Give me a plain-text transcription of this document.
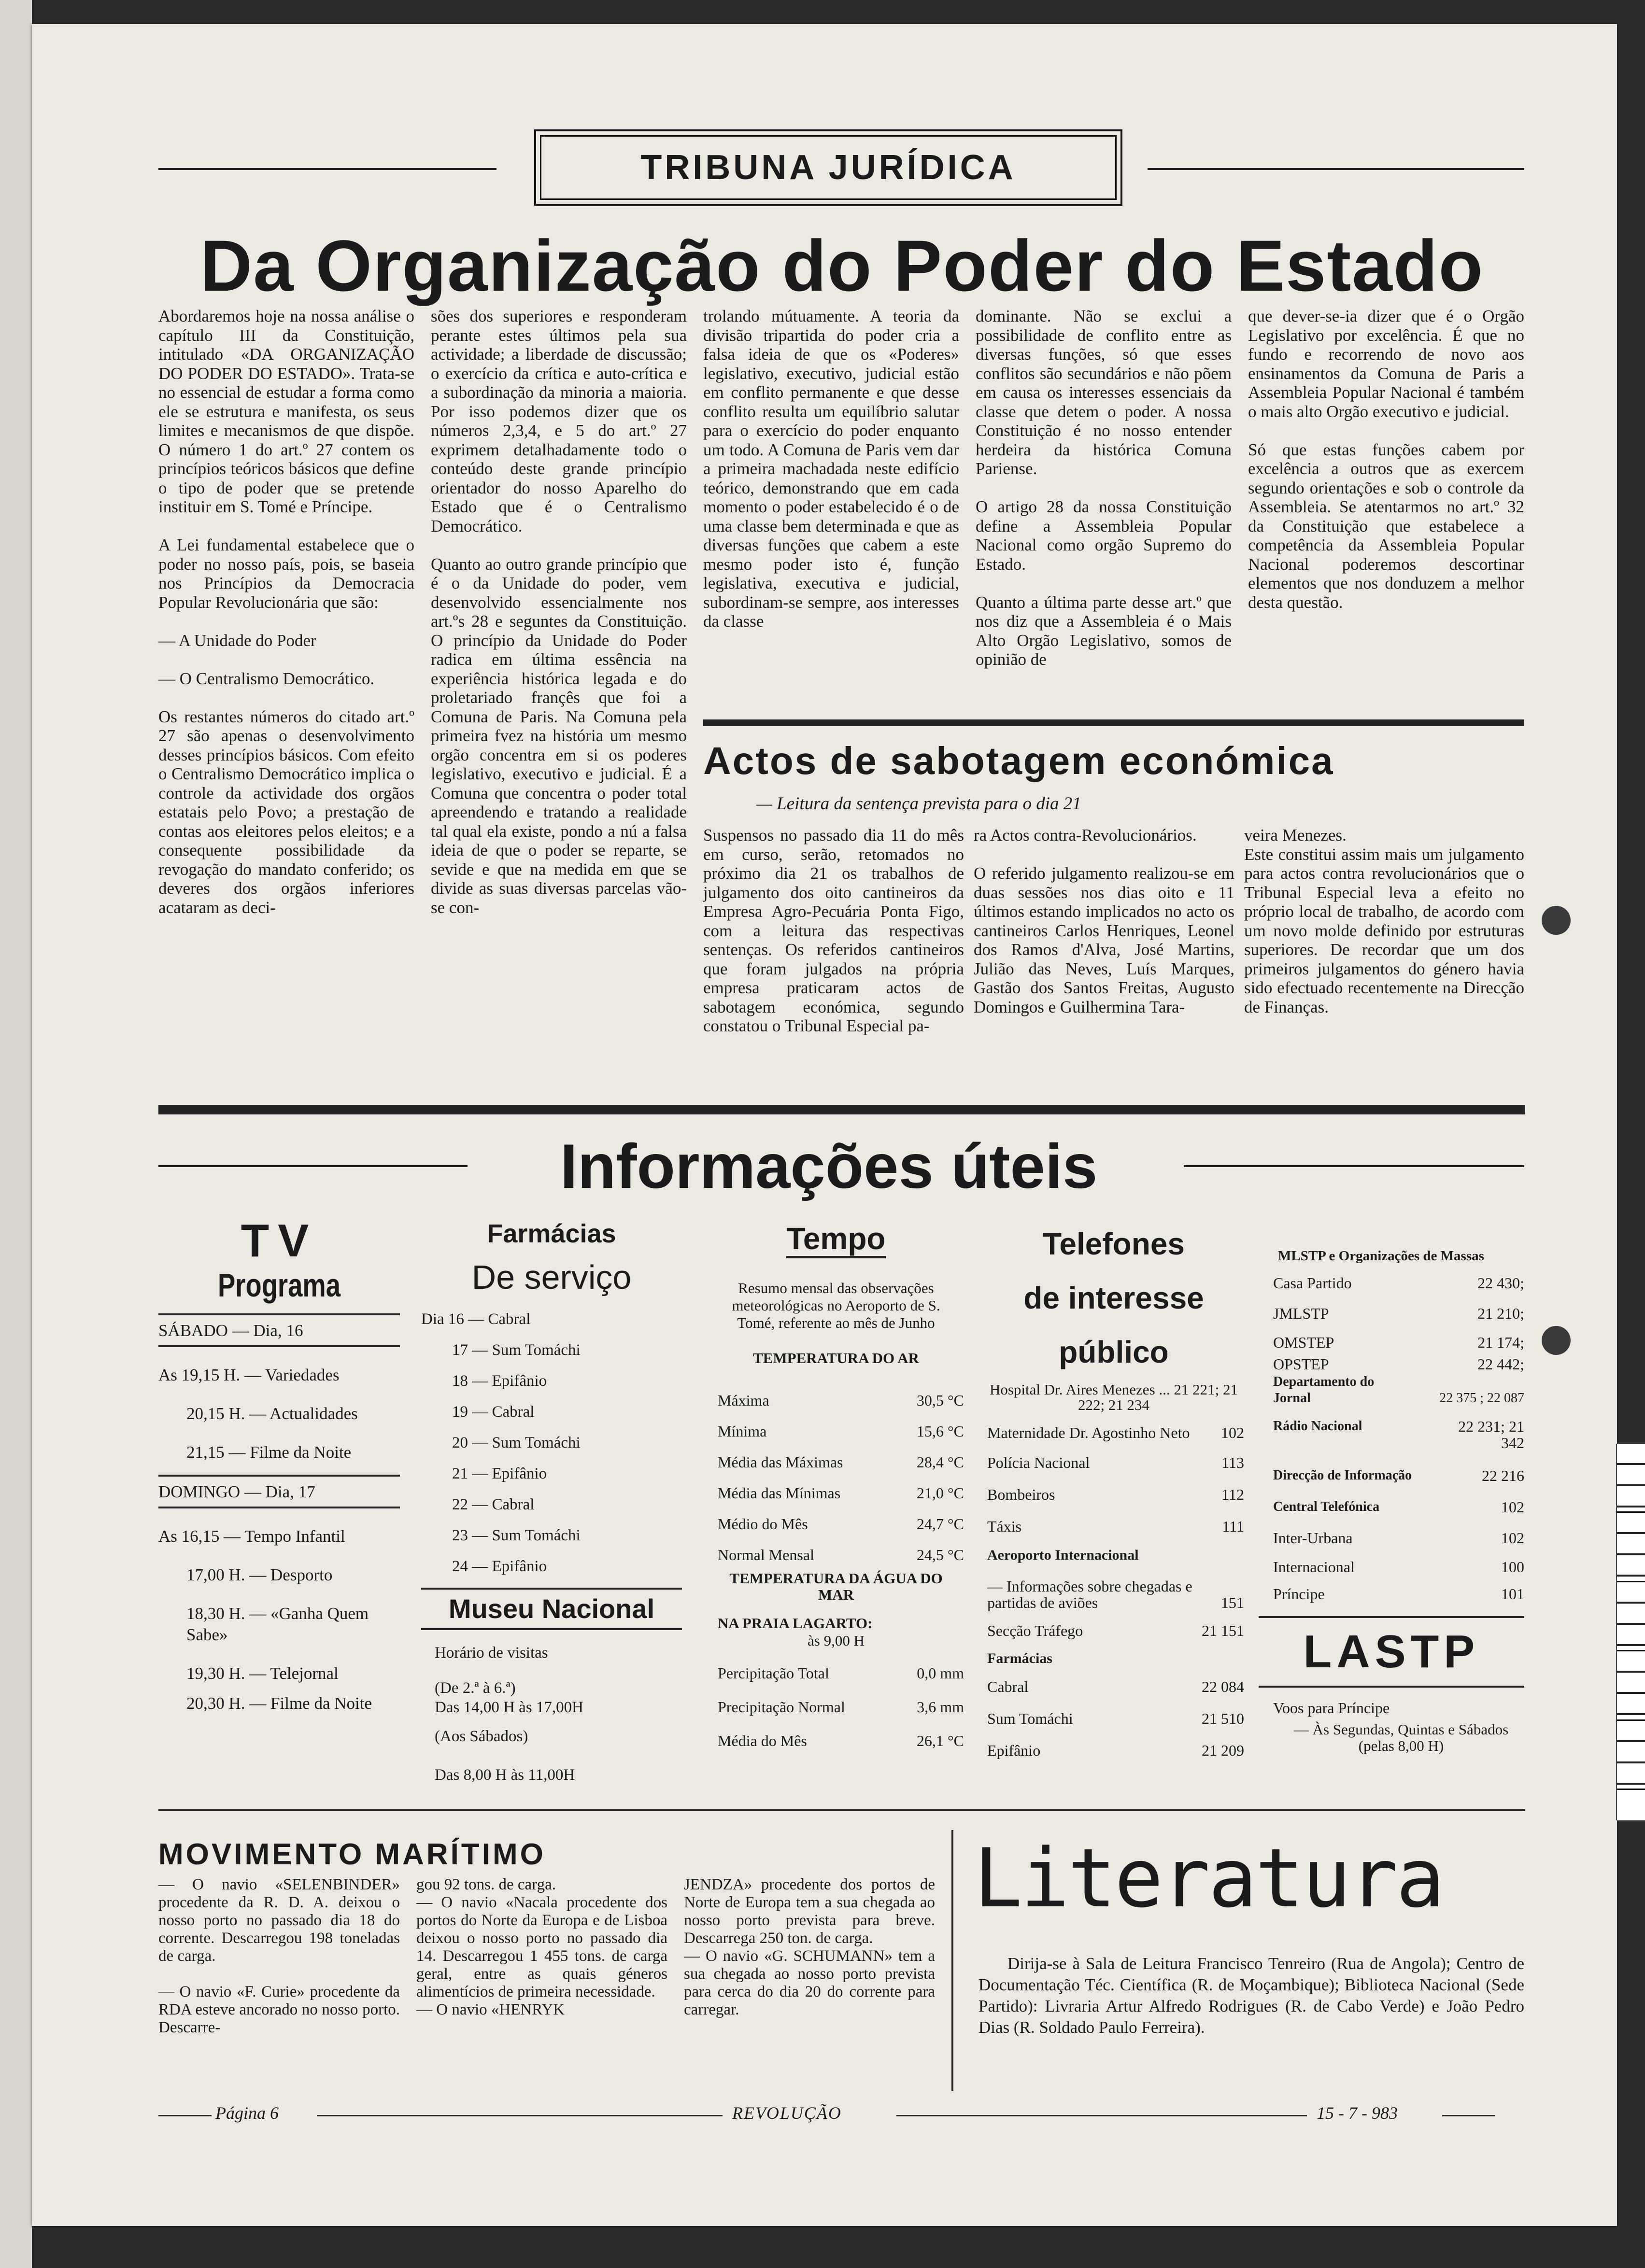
TRIBUNA JURÍDICA
Da Organização do Poder do Estado
Abordaremos hoje na nossa análise o capítulo III da Constituição, intitulado «DA ORGANIZAÇÃO DO PODER DO ESTADO». Trata-se no essencial de estudar a forma como ele se estrutura e manifesta, os seus limites e mecanismos de que dispõe. O número 1 do art.º 27 contem os princípios teóricos básicos que define o tipo de poder que se pretende instituir em S. Tomé e Príncipe.

A Lei fundamental estabelece que o poder no nosso país, pois, se baseia nos Princípios da Democracia Popular Revolucionária que são:

— A Unidade do Poder

— O Centralismo Democrático.

Os restantes números do citado art.º 27 são apenas o desenvolvimento desses princípios básicos. Com efeito o Centralismo Democrático implica o controle da actividade dos orgãos estatais pelo Povo; a prestação de contas aos eleitores pelos eleitos; e a consequente possibilidade da revogação do mandato conferido; os deveres dos orgãos inferiores acataram as deci-
sões dos superiores e responderam perante estes últimos pela sua actividade; a liberdade de discussão; o exercício da crítica e auto-crítica e a subordinação da minoria a maioria. Por isso podemos dizer que os números 2,3,4, e 5 do art.º 27 exprimem detalhadamente todo o conteúdo deste grande princípio orientador do nosso Aparelho do Estado que é o Centralismo Democrático.

Quanto ao outro grande princípio que é o da Unidade do poder, vem desenvolvido essencialmente nos art.ºs 28 e seguntes da Constituição. O princípio da Unidade do Poder radica em última essência na experiência histórica legada e do proletariado françês que foi a Comuna de Paris. Na Comuna pela primeira fvez na história um mesmo orgão concentra em si os poderes legislativo, executivo e judicial. É a Comuna que concentra o poder total apreendendo e tratando a realidade tal qual ela existe, pondo a nú a falsa ideia de que o poder se reparte, se sevide e que na medida em que se divide as suas diversas parcelas vão-se con-
trolando mútuamente. A teoria da divisão tripartida do poder cria a falsa ideia de que os «Poderes» legislativo, executivo, judicial estão em conflito permanente e que desse conflito resulta um equilíbrio salutar para o exercício do poder enquanto um todo. A Comuna de Paris vem dar a primeira machadada neste edifício teórico, demonstrando que em cada momento o poder estabelecido é o de uma classe bem determinada e que as diversas funções que cabem a este mesmo poder isto é, função legislativa, executiva e judicial, subordinam-se sempre, aos interesses da classe
dominante. Não se exclui a possibilidade de conflito entre as diversas funções, só que esses conflitos são secundários e não põem em causa os interesses essenciais da classe que detem o poder. A nossa Constituição é no nosso entender herdeira da histórica Comuna Pariense.

O artigo 28 da nossa Constituição define a Assembleia Popular Nacional como orgão Supremo do Estado.

Quanto a última parte desse art.º que nos diz que a Assembleia é o Mais Alto Orgão Legislativo, somos de opinião de
que dever-se-ia dizer que é o Orgão Legislativo por excelência. É que no fundo e recorrendo de novo aos ensinamentos da Comuna de Paris a Assembleia Popular Nacional é também o mais alto Orgão executivo e judicial.

Só que estas funções cabem por excelência a outros que as exercem segundo orientações e sob o controle da Assembleia. Se atentarmos no art.º 32 da Constituição que estabelece a competência da Assembleia Popular Nacional poderemos descortinar elementos que nos donduzem a melhor desta questão.
Actos de sabotagem económica
— Leitura da sentença prevista para o dia 21
Suspensos no passado dia 11 do mês em curso, serão, retomados no próximo dia 21 os trabalhos de julgamento dos oito cantineiros da Empresa Agro-Pecuária Ponta Figo, com a leitura das respectivas sentenças. Os referidos cantineiros que foram julgados na própria empresa praticaram actos de sabotagem económica, segundo constatou o Tribunal Especial pa-
ra Actos contra-Revolucionários.

O referido julgamento realizou-se em duas sessões nos dias oito e 11 últimos estando implicados no acto os cantineiros Carlos Henriques, Leonel dos Ramos d'Alva, José Martins, Julião das Neves, Luís Marques, Gastão dos Santos Freitas, Augusto Domingos e Guilhermina Tara-
veira Menezes.
Este constitui assim mais um julgamento para actos contra revolucionários que o Tribunal Especial leva a efeito no próprio local de trabalho, de acordo com um novo molde definido por estruturas superiores. De recordar que um dos primeiros julgamentos do género havia sido efectuado recentemente na Direcção de Finanças.
Informações úteis
TV
Programa
SÁBADO — Dia, 16
As 19,15 H. — Variedades
20,15 H. — Actualidades
21,15 — Filme da Noite
DOMINGO — Dia, 17
As 16,15 — Tempo Infantil
17,00 H. — Desporto
18,30 H. — «Ganha Quem Sabe»
19,30 H. — Telejornal
20,30 H. — Filme da Noite
Farmácias
De serviço
Dia 16 — Cabral
17 — Sum Tomáchi
18 — Epifânio
19 — Cabral
20 — Sum Tomáchi
21 — Epifânio
22 — Cabral
23 — Sum Tomáchi
24 — Epifânio
Museu Nacional
Horário de visitas
(De 2.ª à 6.ª)
Das 14,00 H às 17,00H
(Aos Sábados)
Das 8,00 H às 11,00H
Tempo
Resumo mensal das observações meteorológicas no Aeroporto de S. Tomé, referente ao mês de Junho
TEMPERATURA DO AR
Máxima	30,5 °C
Mínima	15,6 °C
Média das Máximas	28,4 °C
Média das Mínimas	21,0 °C
Médio do Mês	24,7 °C
Normal Mensal	24,5 °C
TEMPERATURA DA ÁGUA DO MAR
NA PRAIA LAGARTO:
às 9,00 H
Percipitação Total	0,0 mm
Precipitação Normal	3,6 mm
Média do Mês	26,1 °C
Telefones
de interesse
público
Hospital Dr. Aires Menezes ... 21 221; 21 222; 21 234
Maternidade Dr. Agostinho Neto	102
Polícia Nacional	113
Bombeiros	112
Táxis	111
Aeroporto Internacional
— Informações sobre chegadas e partidas de aviões	151
Secção Tráfego	21 151
Farmácias
Cabral	22 084
Sum Tomáchi	21 510
Epifânio	21 209
MLSTP e Organizações de Massas
Casa Partido	22 430;
JMLSTP	21 210;
OMSTEP	21 174;
OPSTEP	22 442;
Departamento do Jornal	22 375 ; 22 087
Rádio Nacional	22 231; 21 342
Direcção de Informação	22 216
Central Telefónica	102
Inter-Urbana	102
Internacional	100
Príncipe	101
LASTP
Voos para Príncipe
— Às Segundas, Quintas e Sábados (pelas 8,00 H)
MOVIMENTO MARÍTIMO
— O navio «SELENBINDER» procedente da R. D. A. deixou o nosso porto no passado dia 18 do corrente. Descarregou 198 toneladas de carga.

— O navio «F. Curie» procedente da RDA esteve ancorado no nosso porto. Descarre-
gou 92 tons. de carga.
— O navio «Nacala procedente dos portos do Norte da Europa e de Lisboa deixou o nosso porto no passado dia 14. Descarregou 1 455 tons. de carga geral, entre as quais géneros alimentícios de primeira necessidade.
— O navio «HENRYK
JENDZA» procedente dos portos de Norte de Europa tem a sua chegada ao nosso porto prevista para breve. Descarrega 250 ton. de carga.
— O navio «G. SCHUMANN» tem a sua chegada ao nosso porto prevista para cerca do dia 20 do corrente para carregar.
Literatura
Dirija-se à Sala de Leitura Francisco Tenreiro (Rua de Angola); Centro de Documentação Téc. Científica (R. de Moçambique); Biblioteca Nacional (Sede Partido): Livraria Artur Alfredo Rodrigues (R. de Cabo Verde) e João Pedro Dias (R. Soldado Paulo Ferreira).
Página 6	REVOLUÇÃO	15 - 7 - 983
